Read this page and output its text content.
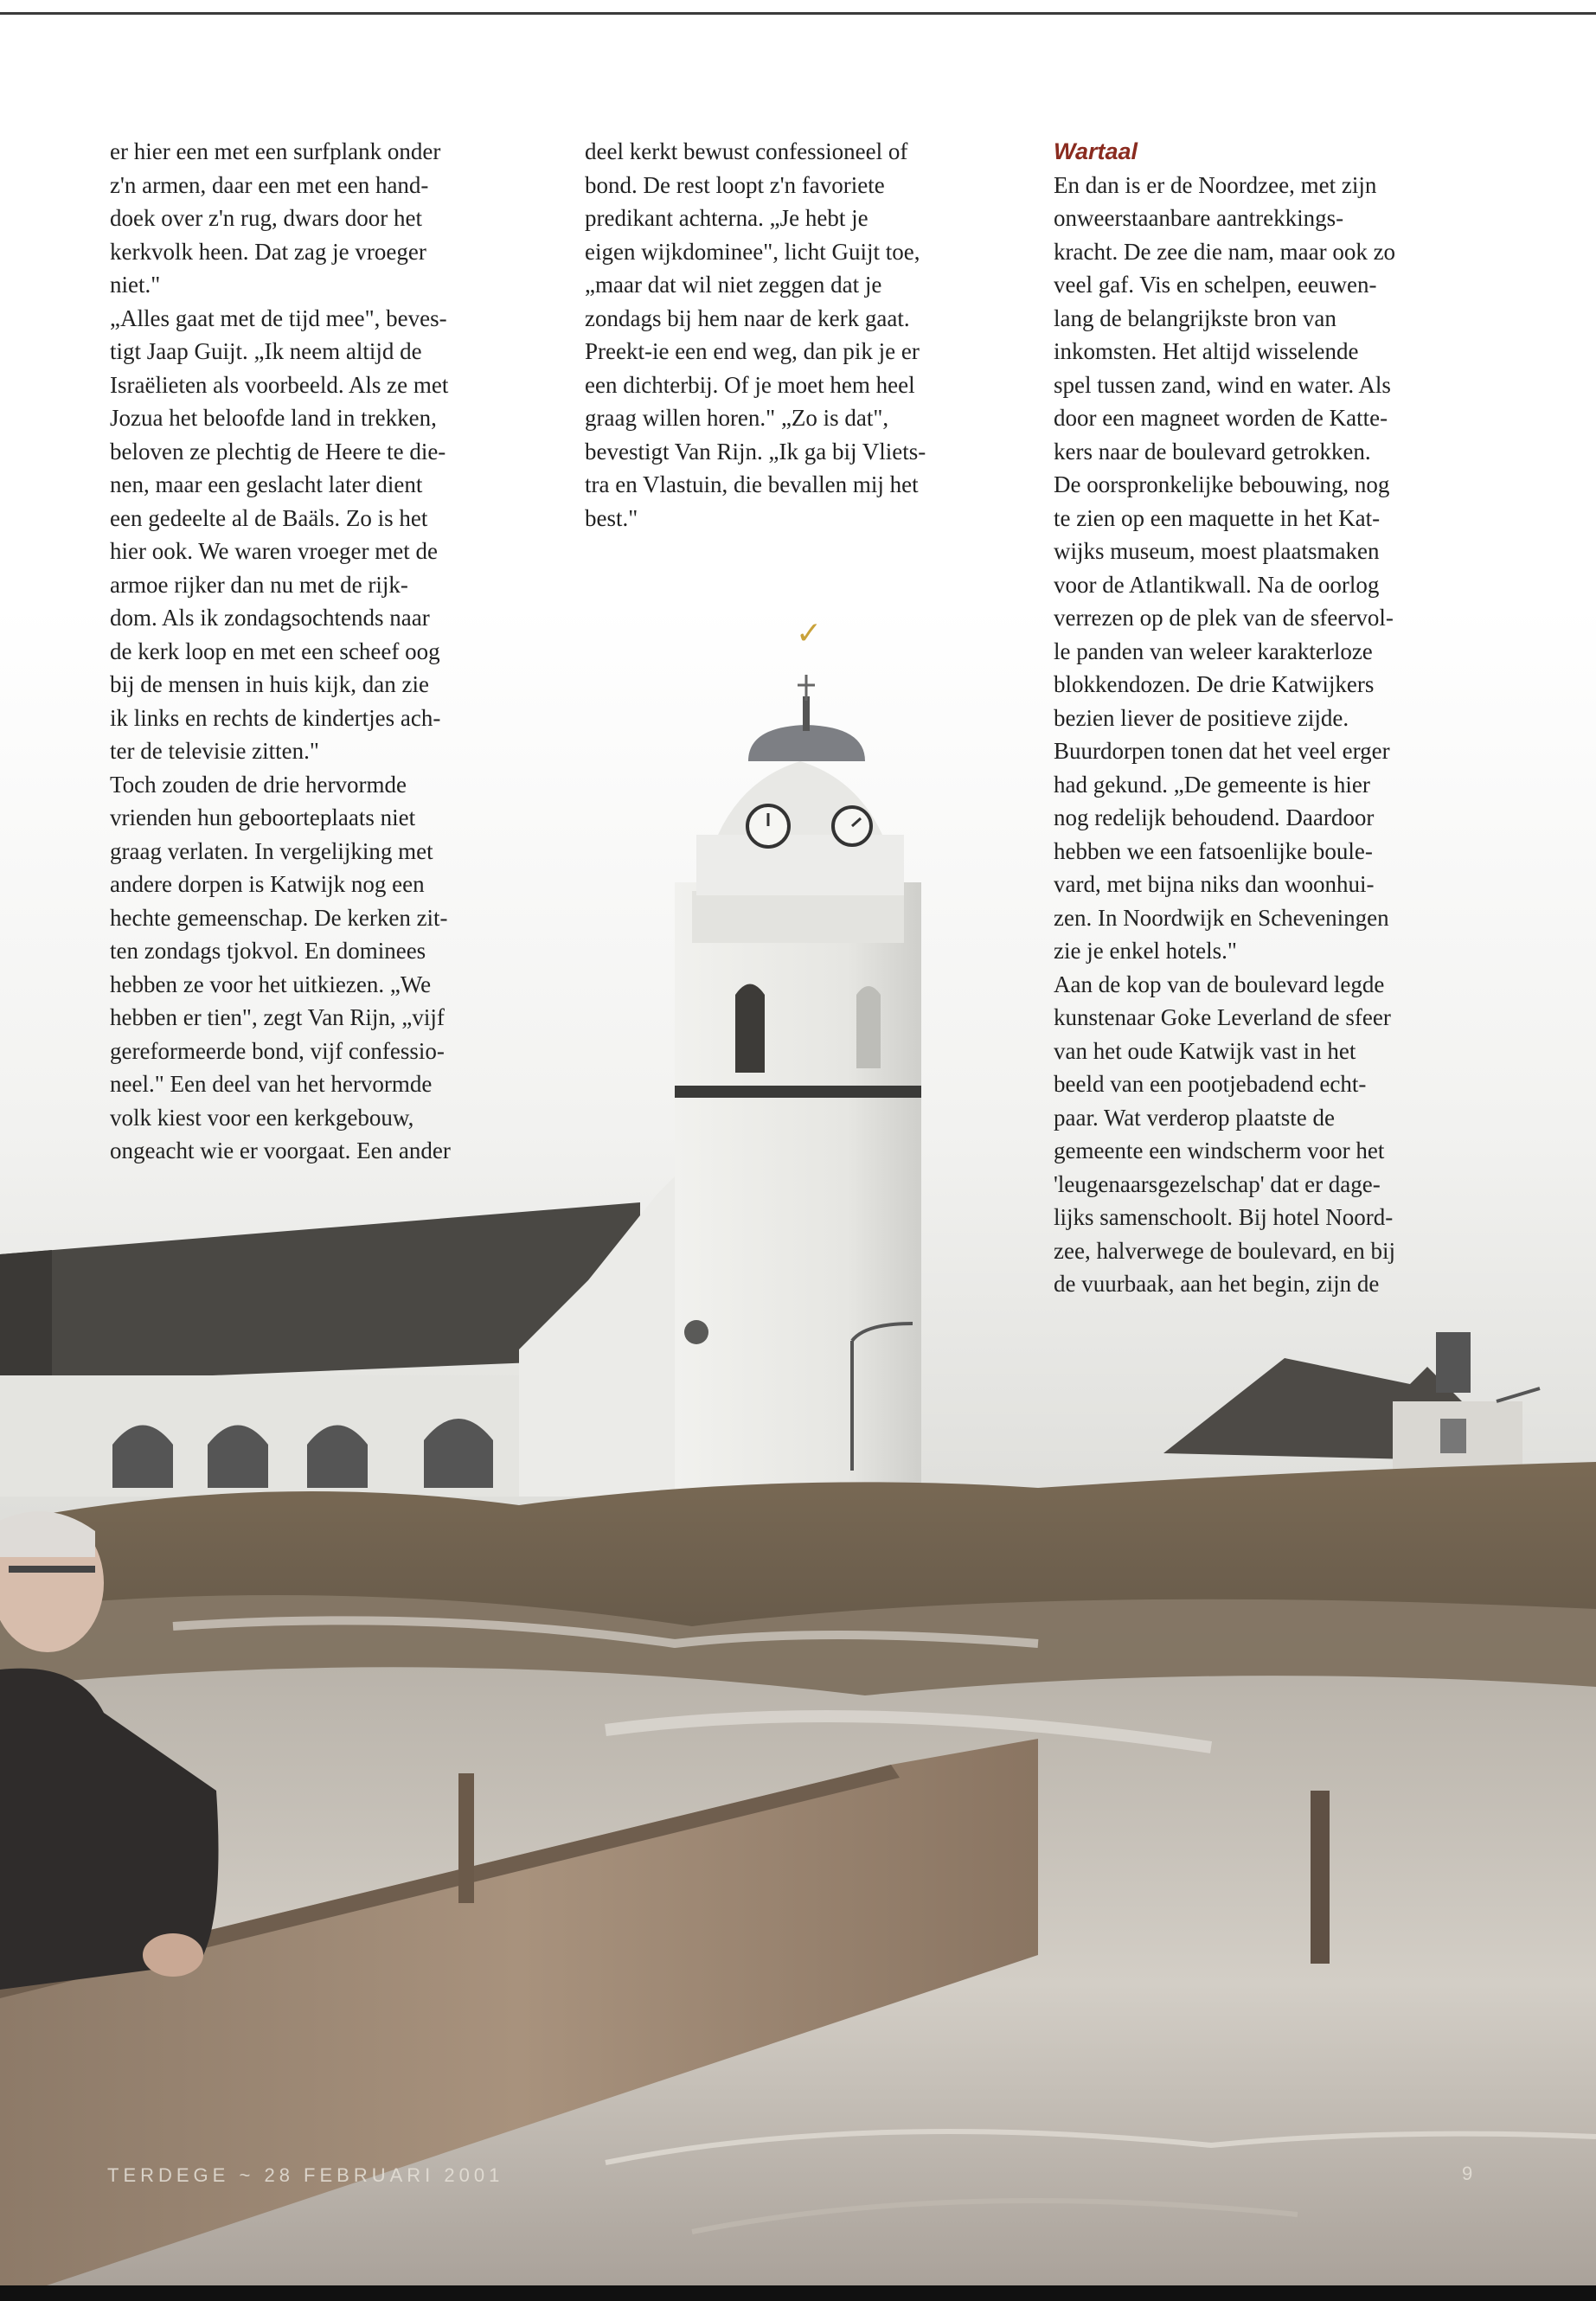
er hier een met een surfplank onder
z'n armen, daar een met een hand-
doek over z'n rug, dwars door het
kerkvolk heen. Dat zag je vroeger
niet."
„Alles gaat met de tijd mee", beves-
tigt Jaap Guijt. „Ik neem altijd de
Israëlieten als voorbeeld. Als ze met
Jozua het beloofde land in trekken,
beloven ze plechtig de Heere te die-
nen, maar een geslacht later dient
een gedeelte al de Baäls. Zo is het
hier ook. We waren vroeger met de
armoe rijker dan nu met de rijk-
dom. Als ik zondagsochtends naar
de kerk loop en met een scheef oog
bij de mensen in huis kijk, dan zie
ik links en rechts de kindertjes ach-
ter de televisie zitten."
Toch zouden de drie hervormde
vrienden hun geboorteplaats niet
graag verlaten. In vergelijking met
andere dorpen is Katwijk nog een
hechte gemeenschap. De kerken zit-
ten zondags tjokvol. En dominees
hebben ze voor het uitkiezen. „We
hebben er tien", zegt Van Rijn, „vijf
gereformeerde bond, vijf confessio-
neel." Een deel van het hervormde
volk kiest voor een kerkgebouw,
ongeacht wie er voorgaat. Een ander
deel kerkt bewust confessioneel of
bond. De rest loopt z'n favoriete
predikant achterna. „Je hebt je
eigen wijkdominee", licht Guijt toe,
„maar dat wil niet zeggen dat je
zondags bij hem naar de kerk gaat.
Preekt-ie een end weg, dan pik je er
een dichterbij. Of je moet hem heel
graag willen horen." „Zo is dat",
bevestigt Van Rijn. „Ik ga bij Vliets-
tra en Vlastuin, die bevallen mij het
best."

Wartaal

En dan is er de Noordzee, met zijn
onweerstaanbare aantrekkings-
kracht. De zee die nam, maar ook zo
veel gaf. Vis en schelpen, eeuwen-
lang de belangrijkste bron van
inkomsten. Het altijd wisselende
spel tussen zand, wind en water. Als
door een magneet worden de Katte-
kers naar de boulevard getrokken.
De oorspronkelijke bebouwing, nog
te zien op een maquette in het Kat-
wijks museum, moest plaatsmaken
voor de Atlantikwall. Na de oorlog
verrezen op de plek van de sfeervol-
le panden van weleer karakterloze
blokkendozen. De drie Katwijkers
bezien liever de positieve zijde.
Buurdorpen tonen dat het veel erger
had gekund. „De gemeente is hier
nog redelijk behoudend. Daardoor
hebben we een fatsoenlijke boule-
vard, met bijna niks dan woonhui-
zen. In Noordwijk en Scheveningen
zie je enkel hotels."
Aan de kop van de boulevard legde
kunstenaar Goke Leverland de sfeer
van het oude Katwijk vast in het
beeld van een pootjebadend echt-
paar. Wat verderop plaatste de
gemeente een windscherm voor het
'leugenaarsgezelschap' dat er dage-
lijks samenschoolt. Bij hotel Noord-
zee, halverwege de boulevard, en bij
de vuurbaak, aan het begin, zijn de
✓
TERDEGE ~ 28 FEBRUARI 2001	9
